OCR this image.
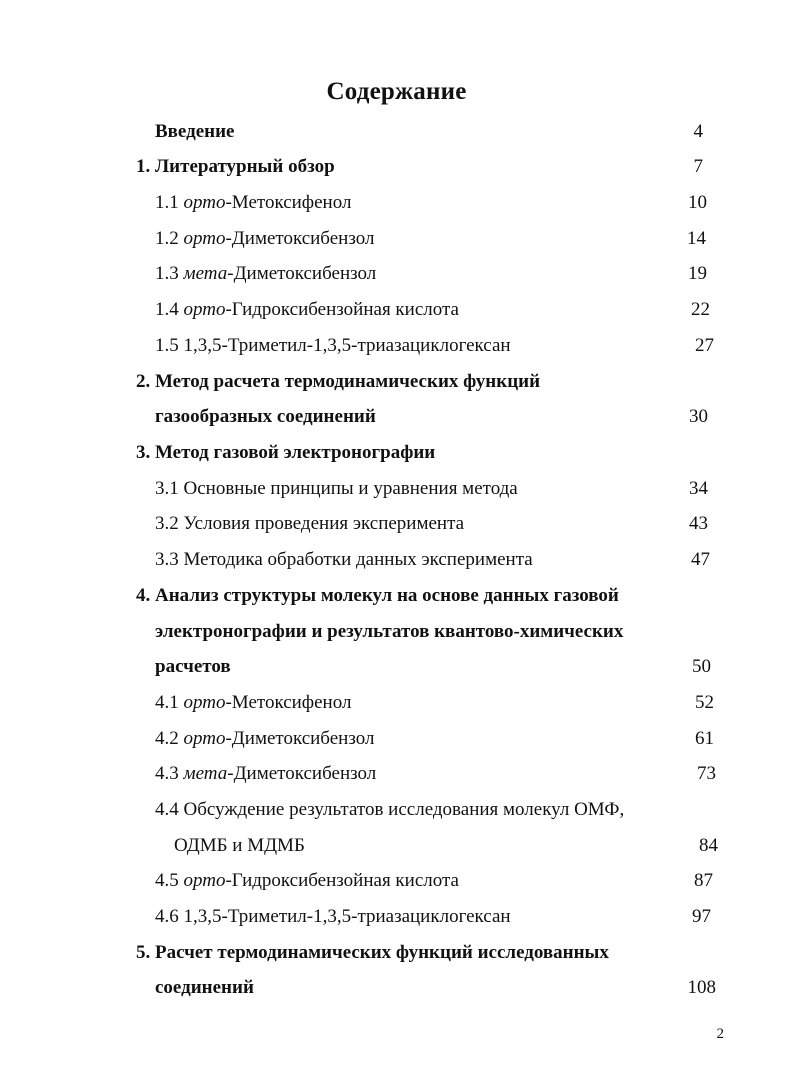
Содержание
Введение	4
1. Литературный обзор	7
1.1 орто-Метоксифенол	10
1.2 орто-Диметоксибензол	14
1.3 мета-Диметоксибензол	19
1.4 орто-Гидроксибензойная кислота	22
1.5 1,3,5-Триметил-1,3,5-триазациклогексан	27
2. Метод расчета термодинамических функций
газообразных соединений	30
3. Метод газовой электронографии
3.1 Основные принципы и уравнения метода	34
3.2 Условия проведения эксперимента	43
3.3 Методика обработки данных эксперимента	47
4. Анализ структуры молекул на основе данных газовой
электронографии и результатов квантово-химических
расчетов	50
4.1 орто-Метоксифенол	52
4.2 орто-Диметоксибензол	61
4.3 мета-Диметоксибензол	73
4.4 Обсуждение результатов исследования молекул ОМФ,
ОДМБ и МДМБ	84
4.5 орто-Гидроксибензойная кислота	87
4.6 1,3,5-Триметил-1,3,5-триазациклогексан	97
5. Расчет термодинамических функций исследованных
соединений	108
2
